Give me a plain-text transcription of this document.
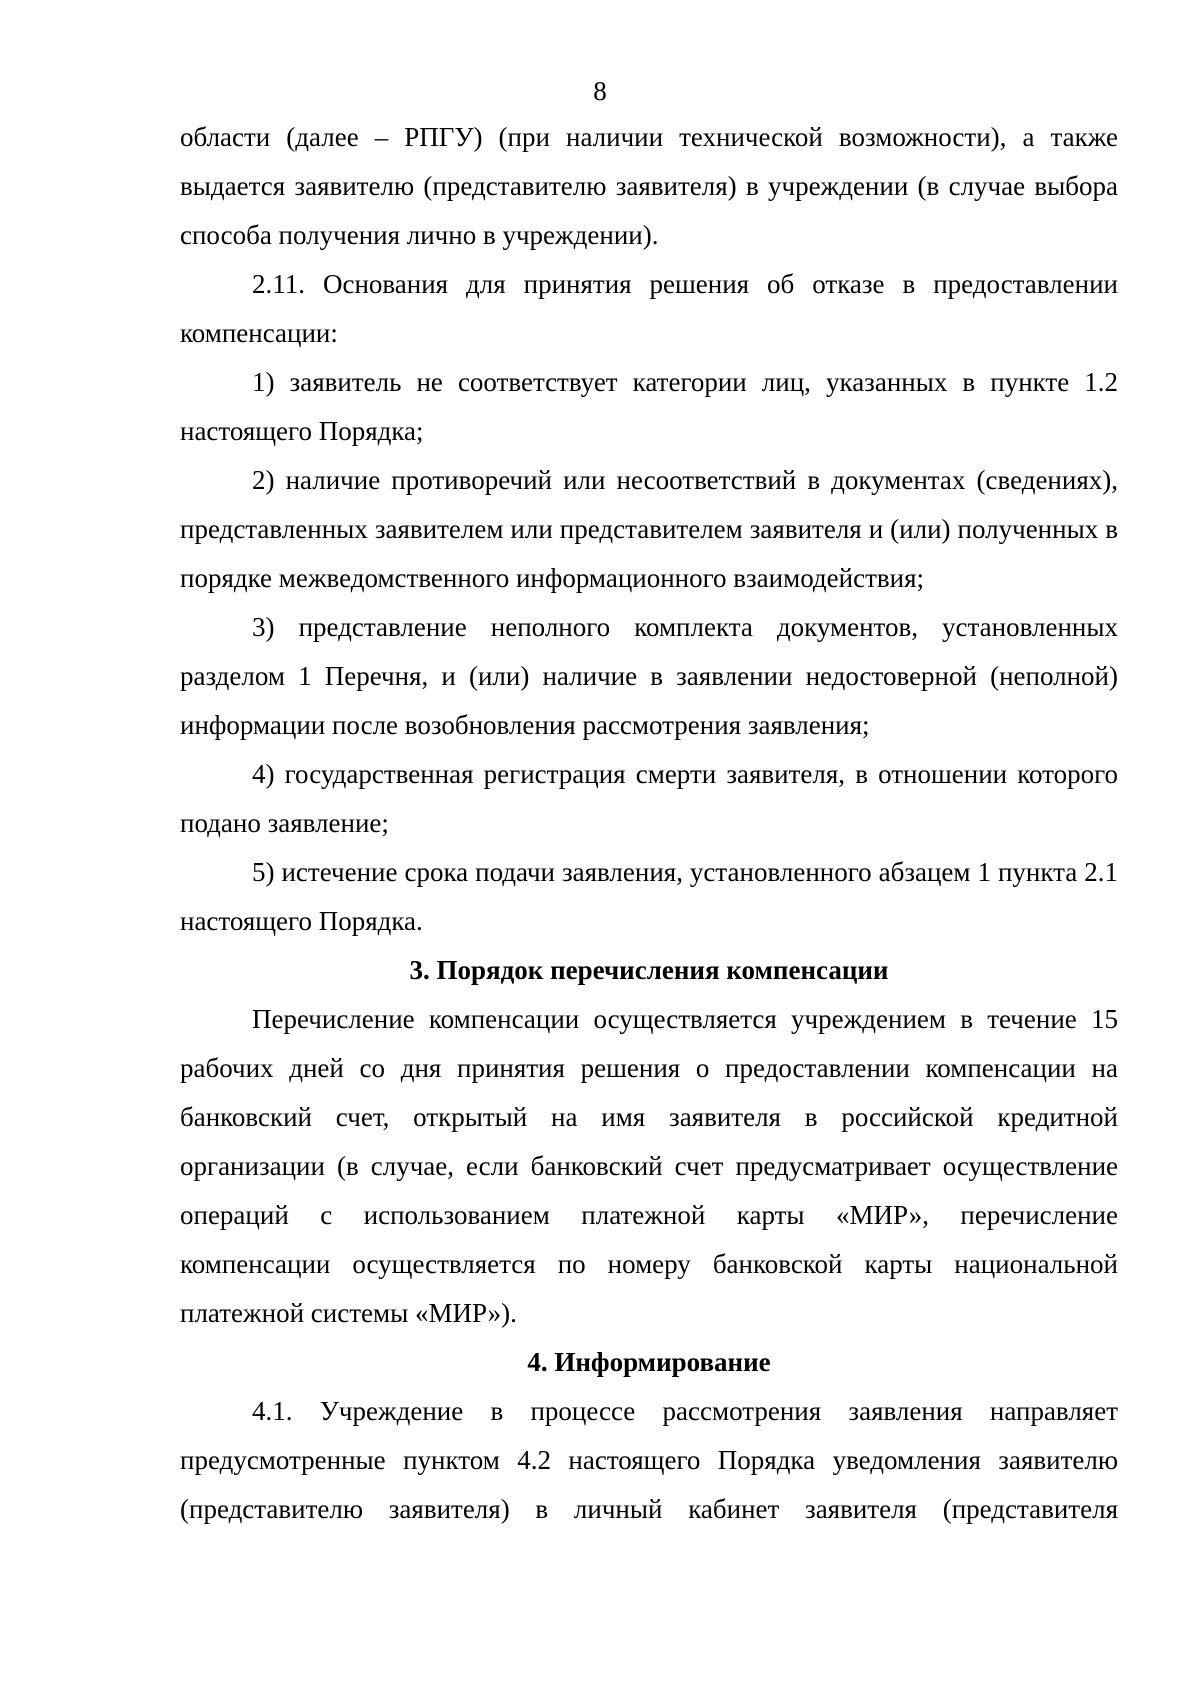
8

области (далее – РПГУ) (при наличии технической возможности), а также выдается заявителю (представителю заявителя) в учреждении (в случае выбора способа получения лично в учреждении).

2.11. Основания для принятия решения об отказе в предоставлении компенсации:

1) заявитель не соответствует категории лиц, указанных в пункте 1.2 настоящего Порядка;

2) наличие противоречий или несоответствий в документах (сведениях), представленных заявителем или представителем заявителя и (или) полученных в порядке межведомственного информационного взаимодействия;

3) представление неполного комплекта документов, установленных разделом 1 Перечня, и (или) наличие в заявлении недостоверной (неполной) информации после возобновления рассмотрения заявления;

4) государственная регистрация смерти заявителя, в отношении которого подано заявление;

5) истечение срока подачи заявления, установленного абзацем 1 пункта 2.1 настоящего Порядка.

3. Порядок перечисления компенсации

Перечисление компенсации осуществляется учреждением в течение 15 рабочих дней со дня принятия решения о предоставлении компенсации на банковский счет, открытый на имя заявителя в российской кредитной организации (в случае, если банковский счет предусматривает осуществление операций с использованием платежной карты «МИР», перечисление компенсации осуществляется по номеру банковской карты национальной платежной системы «МИР»).

4. Информирование

4.1. Учреждение в процессе рассмотрения заявления направляет предусмотренные пунктом 4.2 настоящего Порядка уведомления заявителю (представителю заявителя) в личный кабинет заявителя (представителя
